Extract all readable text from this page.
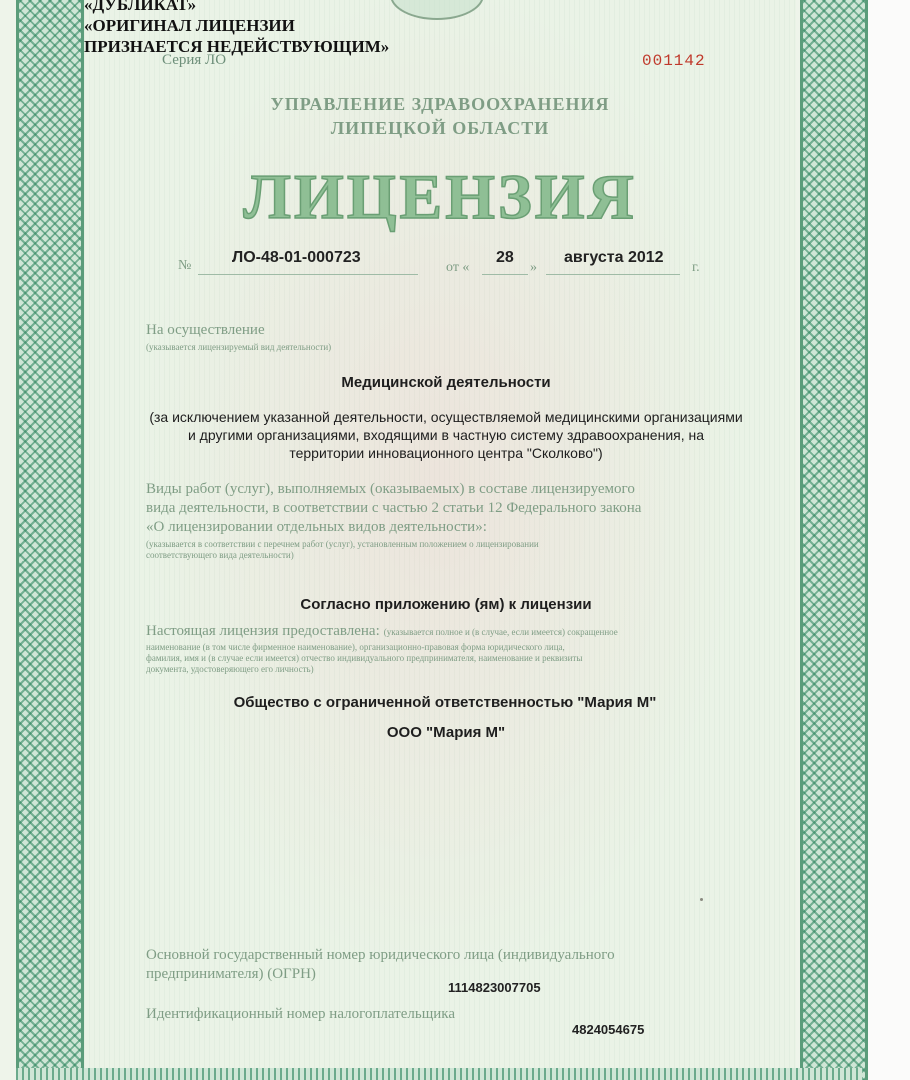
«ДУБЛИКАТ»
«ОРИГИНАЛ ЛИЦЕНЗИИ
ПРИЗНАЕТСЯ НЕДЕЙСТВУЮЩИМ»
Серия ЛО	001142
УПРАВЛЕНИЕ ЗДРАВООХРАНЕНИЯ
ЛИПЕЦКОЙ ОБЛАСТИ
ЛИЦЕНЗИЯ
№	ЛО-48-01-000723
от «
28
»
августа 2012
г.
На осуществление
(указывается лицензируемый вид деятельности)
Медицинской деятельности
(за исключением указанной деятельности, осуществляемой медицинскими организациями
и другими организациями, входящими в частную систему здравоохранения, на
территории инновационного центра "Сколково")
Виды работ (услуг), выполняемых (оказываемых) в составе лицензируемого
вида деятельности, в соответствии с частью 2 статьи 12 Федерального закона
«О лицензировании отдельных видов деятельности»:
(указывается в соответствии с перечнем работ (услуг), установленным положением о лицензировании
соответствующего вида деятельности)
Согласно приложению (ям) к лицензии
Настоящая лицензия предоставлена: (указывается полное и (в случае, если имеется) сокращенное
наименование (в том числе фирменное наименование), организационно-правовая форма юридического лица,
фамилия, имя и (в случае если имеется) отчество индивидуального предпринимателя, наименование и реквизиты
документа, удостоверяющего его личность)
Общество с ограниченной ответственностью "Мария М"
ООО "Мария М"
Основной государственный номер юридического лица (индивидуального
предпринимателя) (ОГРН)
1114823007705
Идентификационный номер налогоплательщика
4824054675
